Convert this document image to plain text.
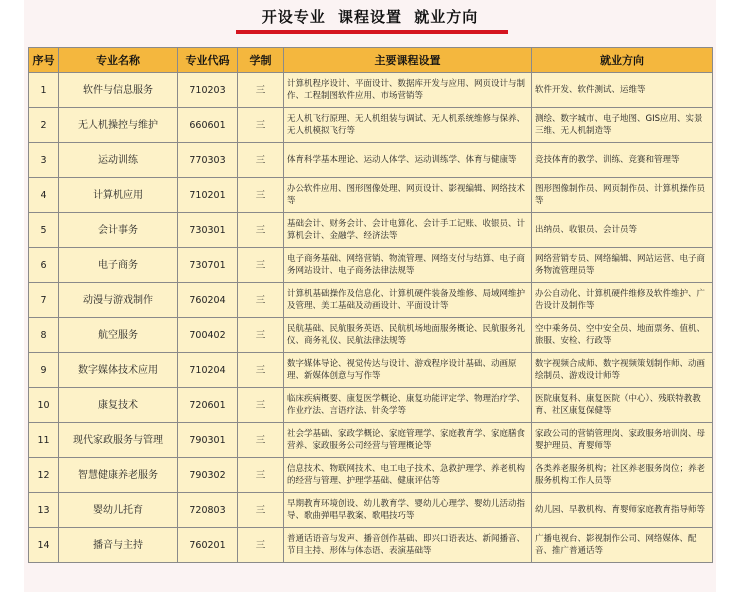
开设专业 课程设置 就业方向
序号	专业名称	专业代码	学制	主要课程设置	就业方向
1	软件与信息服务	710203	三	计算机程序设计、平面设计、数据库开发与应用、网页设计与制作、工程制图软件应用、市场营销等	软件开发、软件测试、运维等
2	无人机操控与维护	660601	三	无人机飞行原理、无人机组装与调试、无人机系统维修与保养、无人机模拟飞行等	测绘、数字城市、电子地图、GIS应用、实景三维、无人机制造等
3	运动训练	770303	三	体育科学基本理论、运动人体学、运动训练学、体育与健康等	竞技体育的教学、训练、竞赛和管理等
4	计算机应用	710201	三	办公软件应用、图形图像处理、网页设计、影视编辑、网络技术等	图形图像制作员、网页制作员、计算机操作员等
5	会计事务	730301	三	基础会计、财务会计、会计电算化、会计手工记账、收银员、计算机会计、金融学、经济法等	出纳员、收银员、会计员等
6	电子商务	730701	三	电子商务基础、网络营销、物流管理、网络支付与结算、电子商务网站设计、电子商务法律法规等	网络营销专员、网络编辑、网站运营、电子商务物流管理员等
7	动漫与游戏制作	760204	三	计算机基础操作及信息化、计算机硬件装备及维修、局域网维护及管理、美工基础及动画设计、平面设计等	办公自动化、计算机硬件维修及软件维护、广告设计及制作等
8	航空服务	700402	三	民航基础、民航服务英语、民航机场地面服务概论、民航服务礼仪、商务礼仪、民航法律法规等	空中乘务员、空中安全员、地面票务、值机、旅服、安检、行政等
9	数字媒体技术应用	710204	三	数字媒体导论、视觉传达与设计、游戏程序设计基础、动画原理、新媒体创意与写作等	数字视频合成师、数字视频策划制作师、动画绘制员、游戏设计师等
10	康复技术	720601	三	临床疾病概要、康复医学概论、康复功能评定学、物理治疗学、作业疗法、言语疗法、针灸学等	医院康复科、康复医院（中心）、残联特教教育、社区康复保健等
11	现代家政服务与管理	790301	三	社会学基础、家政学概论、家庭管理学、家庭教育学、家庭膳食营养、家政服务公司经营与管理概论等	家政公司的营销管理岗、家政服务培训岗、母婴护理员、育婴师等
12	智慧健康养老服务	790302	三	信息技术、物联网技术、电工电子技术、急救护理学、养老机构的经营与管理、护理学基础、健康评估等	各类养老服务机构；社区养老服务岗位；养老服务机构工作人员等
13	婴幼儿托育	720803	三	早期教育环境创设、幼儿教育学、婴幼儿心理学、婴幼儿活动指导、歌曲弹唱早教案、歌唱技巧等	幼儿园、早教机构、育婴师家庭教育指导师等
14	播音与主持	760201	三	普通话语音与发声、播音创作基础、即兴口语表达、新闻播音、节目主持、形体与体态语、表演基础等	广播电视台、影视制作公司、网络媒体、配音、推广普通话等
